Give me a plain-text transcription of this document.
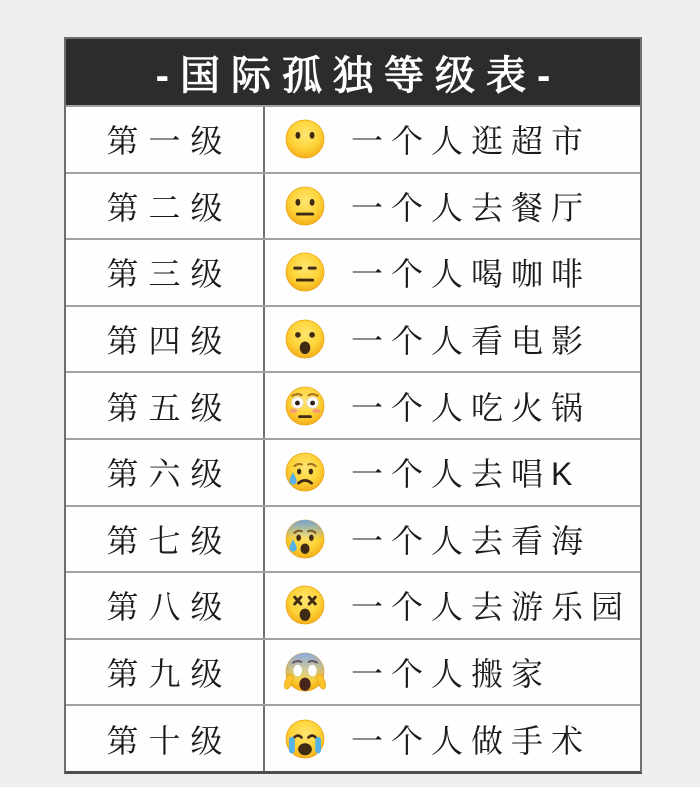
-国际孤独等级表-
第一级	一个人逛超市
第二级	一个人去餐厅
第三级	一个人喝咖啡
第四级	一个人看电影
第五级	一个人吃火锅
第六级	一个人去唱K
第七级	一个人去看海
第八级	一个人去游乐园
第九级	一个人搬家
第十级	一个人做手术
